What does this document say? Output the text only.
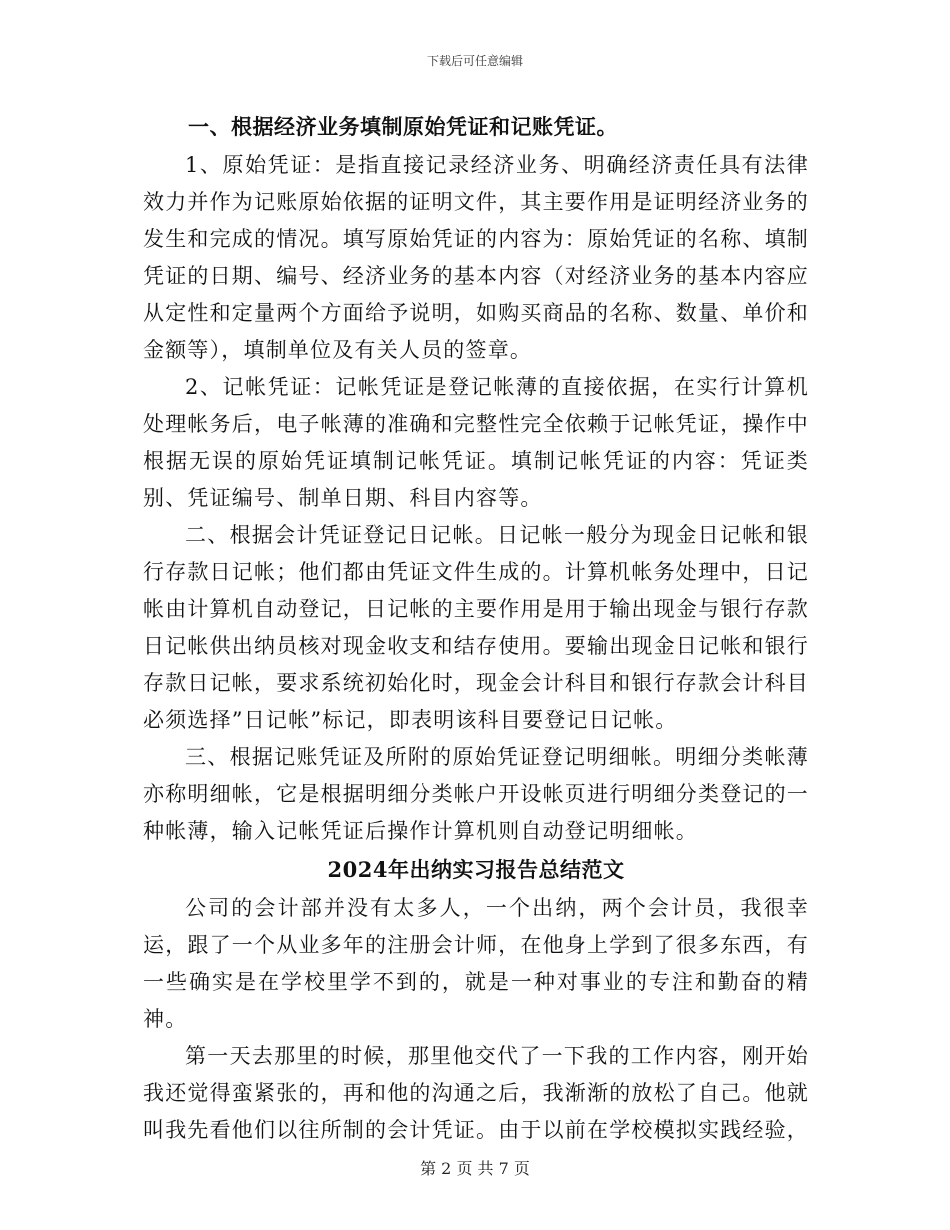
下载后可任意编辑

一、根据经济业务填制原始凭证和记账凭证。

1、原始凭证：是指直接记录经济业务、明确经济责任具有法律效力并作为记账原始依据的证明文件，其主要作用是证明经济业务的发生和完成的情况。填写原始凭证的内容为：原始凭证的名称、填制凭证的日期、编号、经济业务的基本内容（对经济业务的基本内容应从定性和定量两个方面给予说明，如购买商品的名称、数量、单价和金额等），填制单位及有关人员的签章。

2、记帐凭证：记帐凭证是登记帐薄的直接依据，在实行计算机处理帐务后，电子帐薄的准确和完整性完全依赖于记帐凭证，操作中根据无误的原始凭证填制记帐凭证。填制记帐凭证的内容：凭证类别、凭证编号、制单日期、科目内容等。

二、根据会计凭证登记日记帐。日记帐一般分为现金日记帐和银行存款日记帐；他们都由凭证文件生成的。计算机帐务处理中，日记帐由计算机自动登记，日记帐的主要作用是用于输出现金与银行存款日记帐供出纳员核对现金收支和结存使用。要输出现金日记帐和银行存款日记帐，要求系统初始化时，现金会计科目和银行存款会计科目必须选择”日记帐”标记，即表明该科目要登记日记帐。

三、根据记账凭证及所附的原始凭证登记明细帐。明细分类帐薄亦称明细帐，它是根据明细分类帐户开设帐页进行明细分类登记的一种帐薄，输入记帐凭证后操作计算机则自动登记明细帐。

2024年出纳实习报告总结范文

公司的会计部并没有太多人，一个出纳，两个会计员，我很幸运，跟了一个从业多年的注册会计师，在他身上学到了很多东西，有一些确实是在学校里学不到的，就是一种对事业的专注和勤奋的精神。

第一天去那里的时候，那里他交代了一下我的工作内容，刚开始我还觉得蛮紧张的，再和他的沟通之后，我渐渐的放松了自己。他就叫我先看他们以往所制的会计凭证。由于以前在学校模拟实践经验，

第 2 页 共 7 页
